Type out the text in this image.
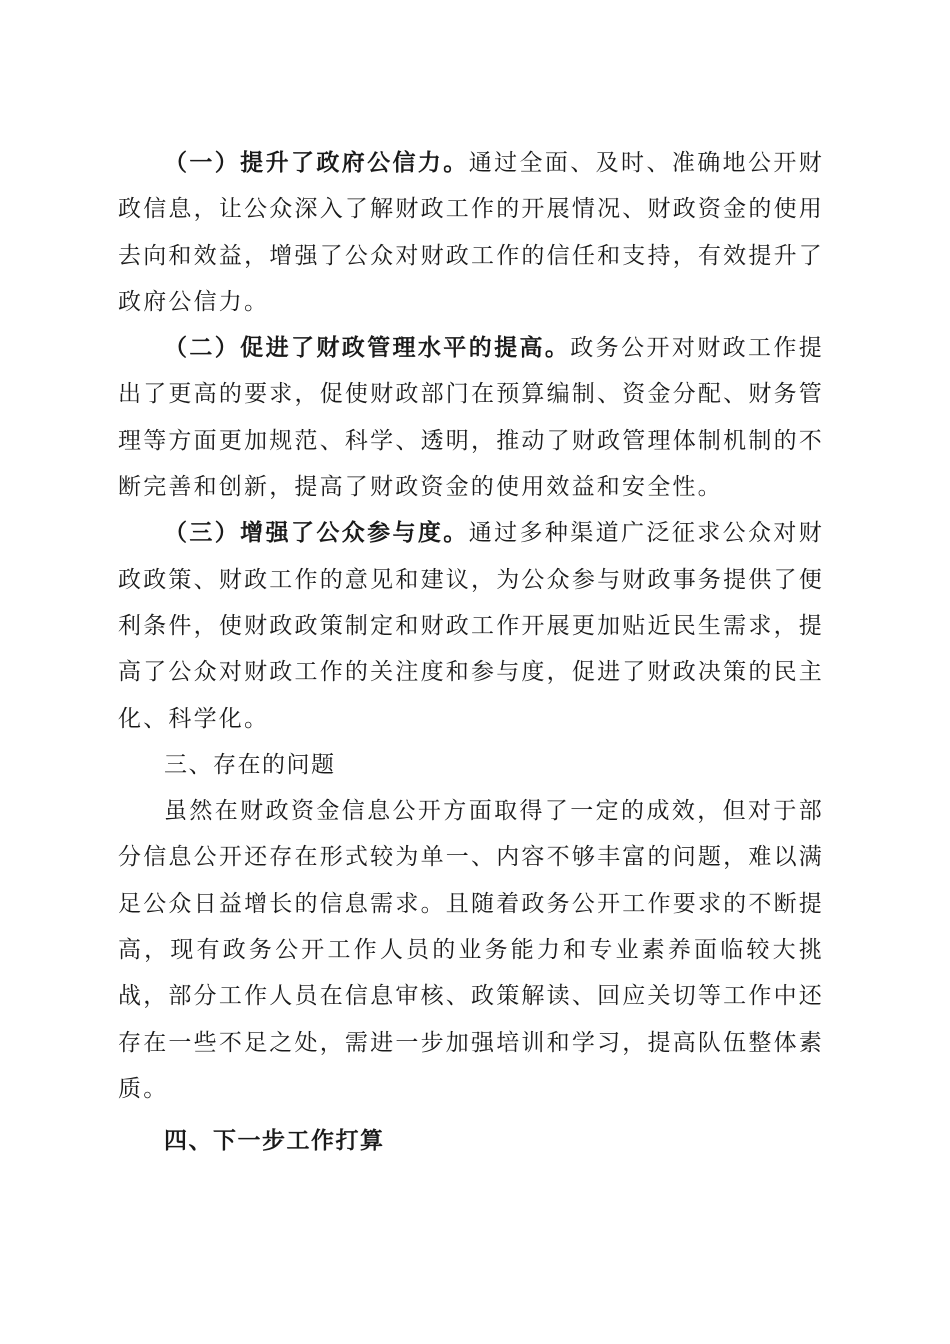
（一）提升了政府公信力。通过全面、及时、准确地公开财政信息，让公众深入了解财政工作的开展情况、财政资金的使用去向和效益，增强了公众对财政工作的信任和支持，有效提升了政府公信力。

（二）促进了财政管理水平的提高。政务公开对财政工作提出了更高的要求，促使财政部门在预算编制、资金分配、财务管理等方面更加规范、科学、透明，推动了财政管理体制机制的不断完善和创新，提高了财政资金的使用效益和安全性。

（三）增强了公众参与度。通过多种渠道广泛征求公众对财政政策、财政工作的意见和建议，为公众参与财政事务提供了便利条件，使财政政策制定和财政工作开展更加贴近民生需求，提高了公众对财政工作的关注度和参与度，促进了财政决策的民主化、科学化。

三、存在的问题

虽然在财政资金信息公开方面取得了一定的成效，但对于部分信息公开还存在形式较为单一、内容不够丰富的问题，难以满足公众日益增长的信息需求。且随着政务公开工作要求的不断提高，现有政务公开工作人员的业务能力和专业素养面临较大挑战，部分工作人员在信息审核、政策解读、回应关切等工作中还存在一些不足之处，需进一步加强培训和学习，提高队伍整体素质。

四、下一步工作打算
